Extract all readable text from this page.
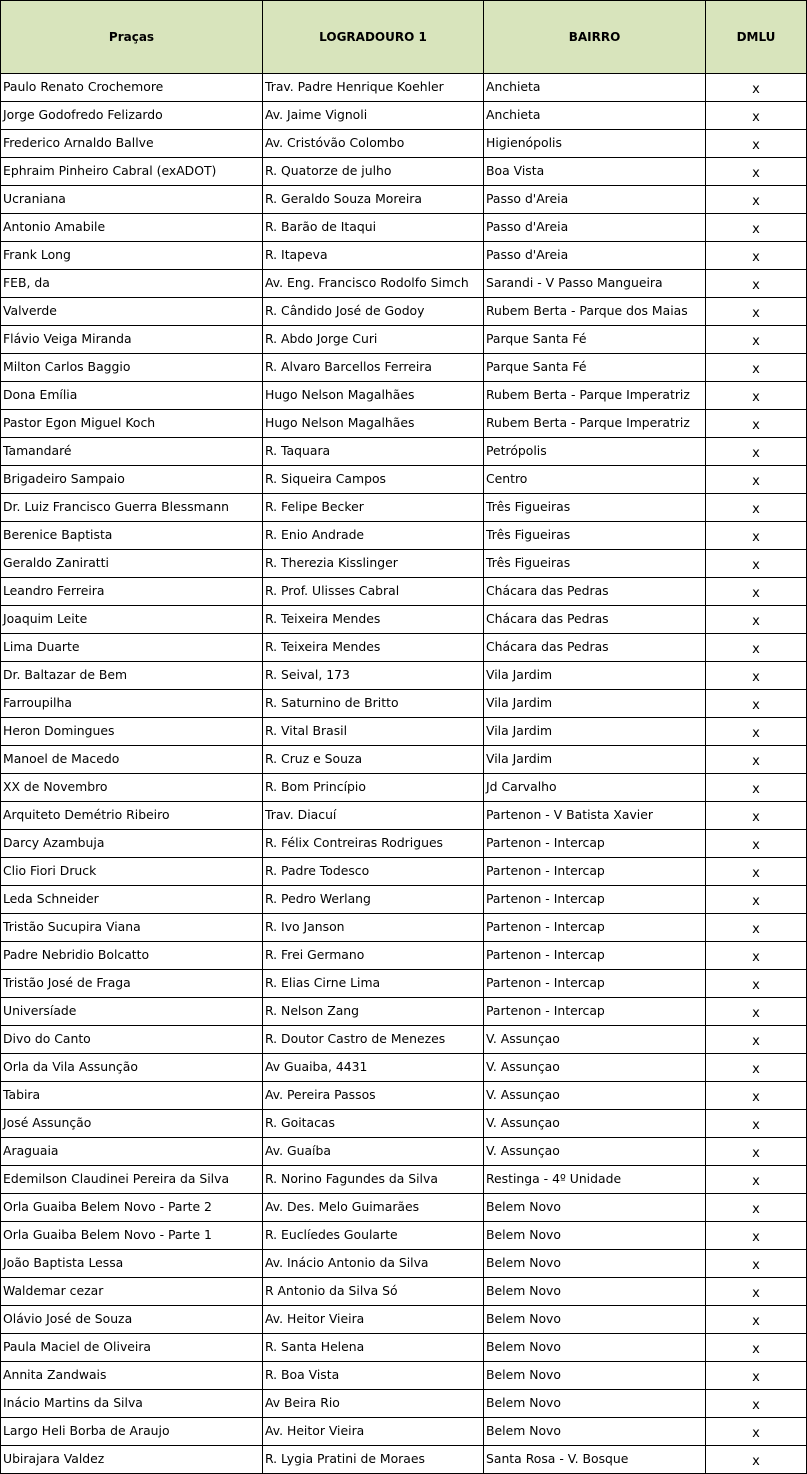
Praças	LOGRADOURO 1	BAIRRO	DMLU
Paulo Renato Crochemore	Trav. Padre Henrique Koehler	Anchieta	x
Jorge Godofredo Felizardo	Av. Jaime Vignoli	Anchieta	x
Frederico Arnaldo Ballve	Av. Cristóvão Colombo	Higienópolis	x
Ephraim Pinheiro Cabral (exADOT)	R. Quatorze de julho	Boa Vista	x
Ucraniana	R. Geraldo Souza Moreira	Passo d'Areia	x
Antonio Amabile	R. Barão de Itaqui	Passo d'Areia	x
Frank Long	R. Itapeva	Passo d'Areia	x
FEB, da	Av. Eng. Francisco Rodolfo Simch	Sarandi - V Passo Mangueira	x
Valverde	R. Cândido José de Godoy	Rubem Berta - Parque dos Maias	x
Flávio Veiga Miranda	R. Abdo Jorge Curi	Parque Santa Fé	x
Milton Carlos Baggio	R. Alvaro Barcellos Ferreira	Parque Santa Fé	x
Dona Emília	Hugo Nelson Magalhães	Rubem Berta - Parque Imperatriz	x
Pastor Egon Miguel Koch	Hugo Nelson Magalhães	Rubem Berta - Parque Imperatriz	x
Tamandaré	R. Taquara	Petrópolis	x
Brigadeiro Sampaio	R. Siqueira Campos	Centro	x
Dr. Luiz Francisco Guerra Blessmann	R. Felipe Becker	Três Figueiras	x
Berenice Baptista	R. Enio Andrade	Três Figueiras	x
Geraldo Zaniratti	R. Therezia Kisslinger	Três Figueiras	x
Leandro Ferreira	R. Prof. Ulisses Cabral	Chácara das Pedras	x
Joaquim Leite	R. Teixeira Mendes	Chácara das Pedras	x
Lima Duarte	R. Teixeira Mendes	Chácara das Pedras	x
Dr. Baltazar de Bem	R. Seival, 173	Vila Jardim	x
Farroupilha	R. Saturnino de Britto	Vila Jardim	x
Heron Domingues	R. Vital Brasil	Vila Jardim	x
Manoel de Macedo	R. Cruz e Souza	Vila Jardim	x
XX de Novembro	R. Bom Princípio	Jd Carvalho	x
Arquiteto Demétrio Ribeiro	Trav. Diacuí	Partenon - V Batista Xavier	x
Darcy Azambuja	R. Félix Contreiras Rodrigues	Partenon - Intercap	x
Clio Fiori Druck	R. Padre Todesco	Partenon - Intercap	x
Leda Schneider	R. Pedro Werlang	Partenon - Intercap	x
Tristão Sucupira Viana	R. Ivo Janson	Partenon - Intercap	x
Padre Nebridio Bolcatto	R. Frei Germano	Partenon - Intercap	x
Tristão José de Fraga	R. Elias Cirne Lima	Partenon - Intercap	x
Universíade	R. Nelson Zang	Partenon - Intercap	x
Divo do Canto	R. Doutor Castro de Menezes	V. Assunçao	x
Orla da Vila Assunção	Av Guaiba, 4431	V. Assunçao	x
Tabira	Av. Pereira Passos	V. Assunçao	x
José Assunção	R. Goitacas	V. Assunçao	x
Araguaia	Av. Guaíba	V. Assunçao	x
Edemilson Claudinei Pereira da Silva	R. Norino Fagundes da Silva	Restinga - 4º Unidade	x
Orla Guaiba Belem Novo - Parte 2	Av. Des. Melo Guimarães	Belem Novo	x
Orla Guaiba Belem Novo - Parte 1	R. Euclíedes Goularte	Belem Novo	x
João Baptista Lessa	Av. Inácio Antonio da Silva	Belem Novo	x
Waldemar cezar	R Antonio da Silva Só	Belem Novo	x
Olávio José de Souza	Av. Heitor Vieira	Belem Novo	x
Paula Maciel de Oliveira	R. Santa Helena	Belem Novo	x
Annita Zandwais	R. Boa Vista	Belem Novo	x
Inácio Martins da Silva	Av Beira Rio	Belem Novo	x
Largo Heli Borba de Araujo	Av. Heitor Vieira	Belem Novo	x
Ubirajara Valdez	R. Lygia Pratini de Moraes	Santa Rosa - V. Bosque	x
